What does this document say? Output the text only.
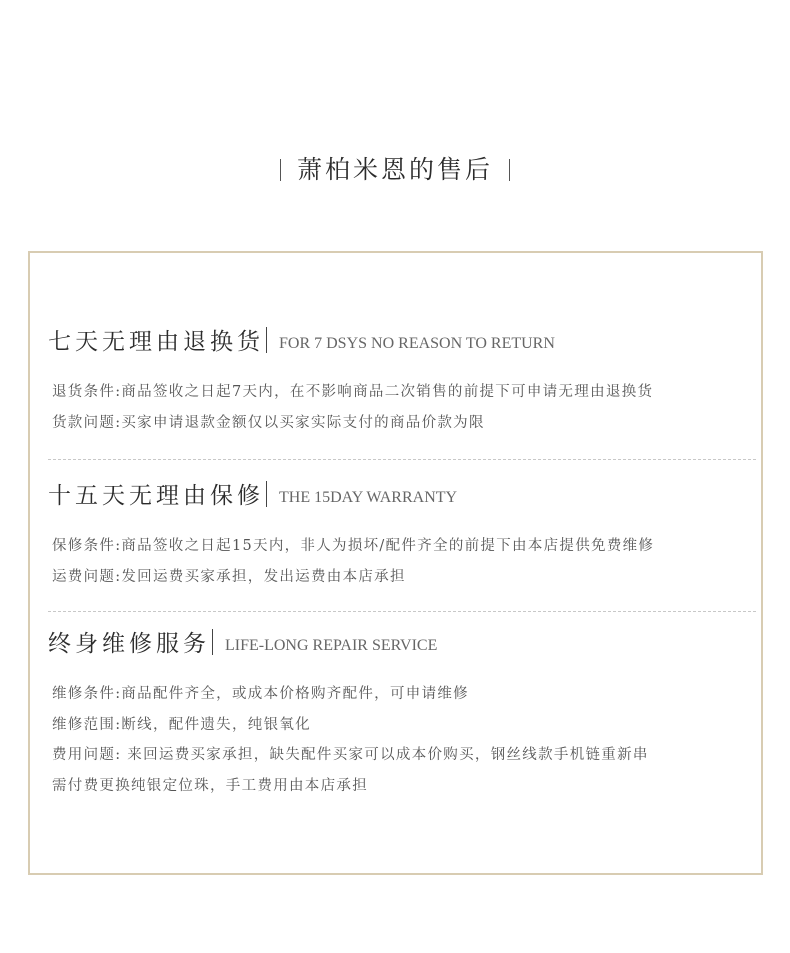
萧柏米恩的售后
七天无理由退换货 FOR 7 DSYS NO REASON TO RETURN
退货条件:商品签收之日起7天内，在不影响商品二次销售的前提下可申请无理由退换货
货款问题:买家申请退款金额仅以买家实际支付的商品价款为限
十五天无理由保修 THE 15DAY WARRANTY
保修条件:商品签收之日起15天内，非人为损坏/配件齐全的前提下由本店提供免费维修
运费问题:发回运费买家承担，发出运费由本店承担
终身维修服务 LIFE-LONG REPAIR SERVICE
维修条件:商品配件齐全，或成本价格购齐配件，可申请维修
维修范围:断线，配件遗失，纯银氧化
费用问题: 来回运费买家承担，缺失配件买家可以成本价购买，钢丝线款手机链重新串
需付费更换纯银定位珠，手工费用由本店承担
